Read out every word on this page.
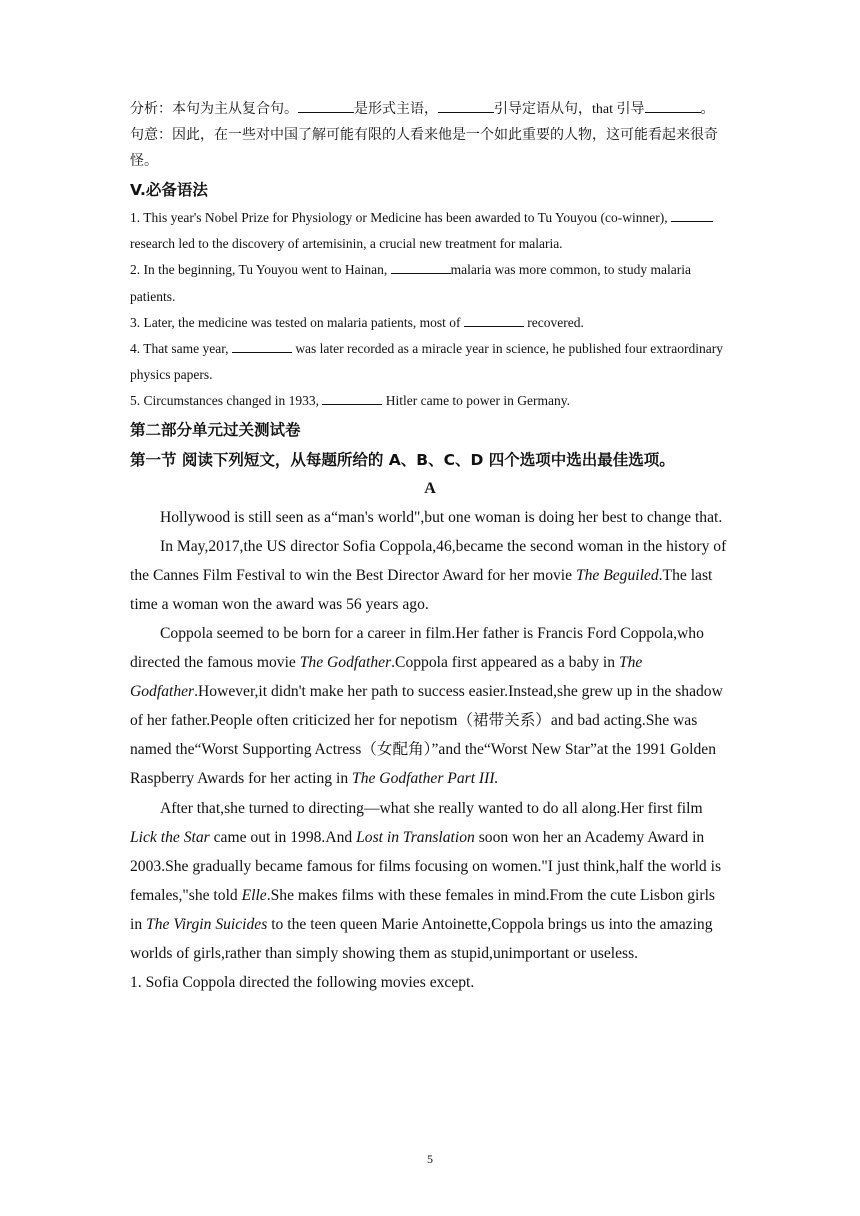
分析：本句为主从复合句。	是形式主语，	引导定语从句，that 引导	。
句意：因此，在一些对中国了解可能有限的人看来他是一个如此重要的人物，这可能看起来很奇怪。
V.必备语法

1. This year's Nobel Prize for Physiology or Medicine has been awarded to Tu Youyou (co-winner), research led to the discovery of artemisinin, a crucial new treatment for malaria.

2. In the beginning, Tu Youyou went to Hainan,	malaria was more common, to study malaria patients.

3. Later, the medicine was tested on malaria patients, most of	recovered.

4. That same year,	was later recorded as a miracle year in science, he published four extraordinary physics papers.

5. Circumstances changed in 1933,	Hitler came to power in Germany.

第二部分单元过关测试卷
第一节 阅读下列短文，从每题所给的 A、B、C、D 四个选项中选出最佳选项。
A

Hollywood is still seen as a“man's world",but one woman is doing her best to change that.

In May,2017,the US director Sofia Coppola,46,became the second woman in the history of the Cannes Film Festival to win the Best Director Award for her movie The Beguiled.The last time a woman won the award was 56 years ago.

Coppola seemed to be born for a career in film.Her father is Francis Ford Coppola,who directed the famous movie The Godfather.Coppola first appeared as a baby in The Godfather.However,it didn't make her path to success easier.Instead,she grew up in the shadow of her father.People often criticized her for nepotism（裙带关系）and bad acting.She was named the“Worst Supporting Actress（女配角）”and the“Worst New Star”at the 1991 Golden Raspberry Awards for her acting in The Godfather Part III.

After that,she turned to directing—what she really wanted to do all along.Her first film Lick the Star came out in 1998.And Lost in Translation soon won her an Academy Award in 2003.She gradually became famous for films focusing on women."I just think,half the world is females,"she told Elle.She makes films with these females in mind.From the cute Lisbon girls in The Virgin Suicides to the teen queen Marie Antoinette,Coppola brings us into the amazing worlds of girls,rather than simply showing them as stupid,unimportant or useless.

1. Sofia Coppola directed the following movies except.

5
